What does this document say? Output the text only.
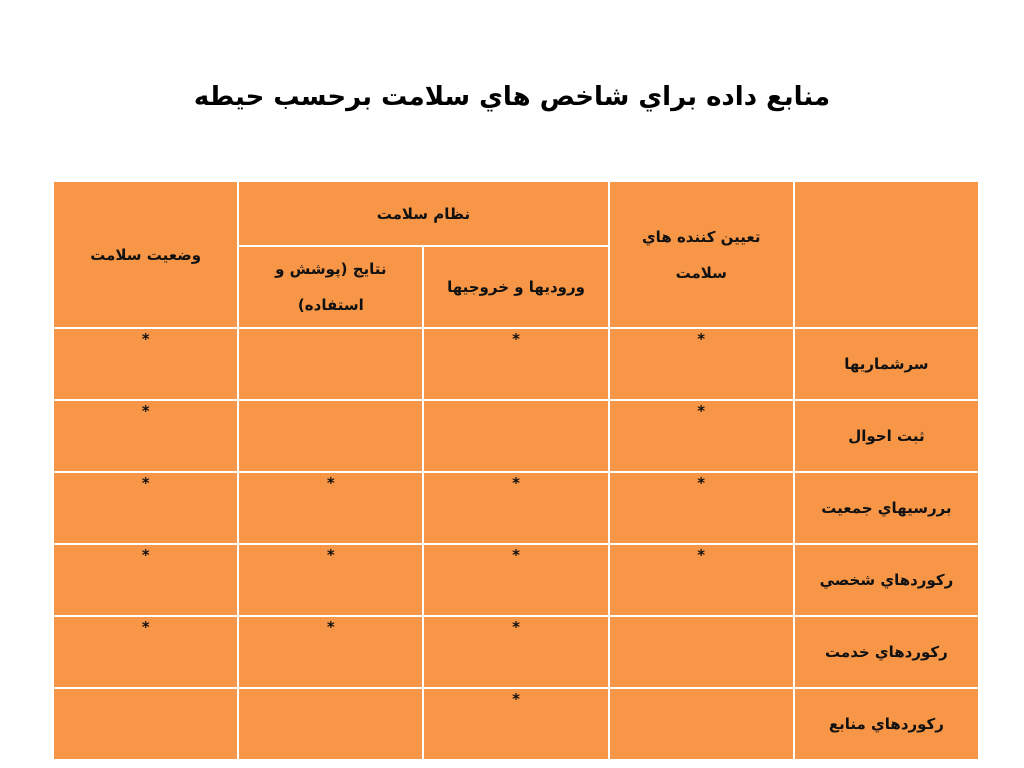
منابع داده براي شاخص هاي سلامت برحسب حيطه
	تعيين كننده هاي سلامت	نظام سلامت		وضعيت سلامت
		وروديها و خروجيها	نتايج (پوشش و استفاده)	
سرشماريها	*	*		*
ثبت احوال	*			*
بررسيهاي جمعيت	*	*	*	*
ركوردهاي شخصي	*	*	*	*
ركوردهاي خدمت		*	*	*
ركوردهاي منابع		*		
